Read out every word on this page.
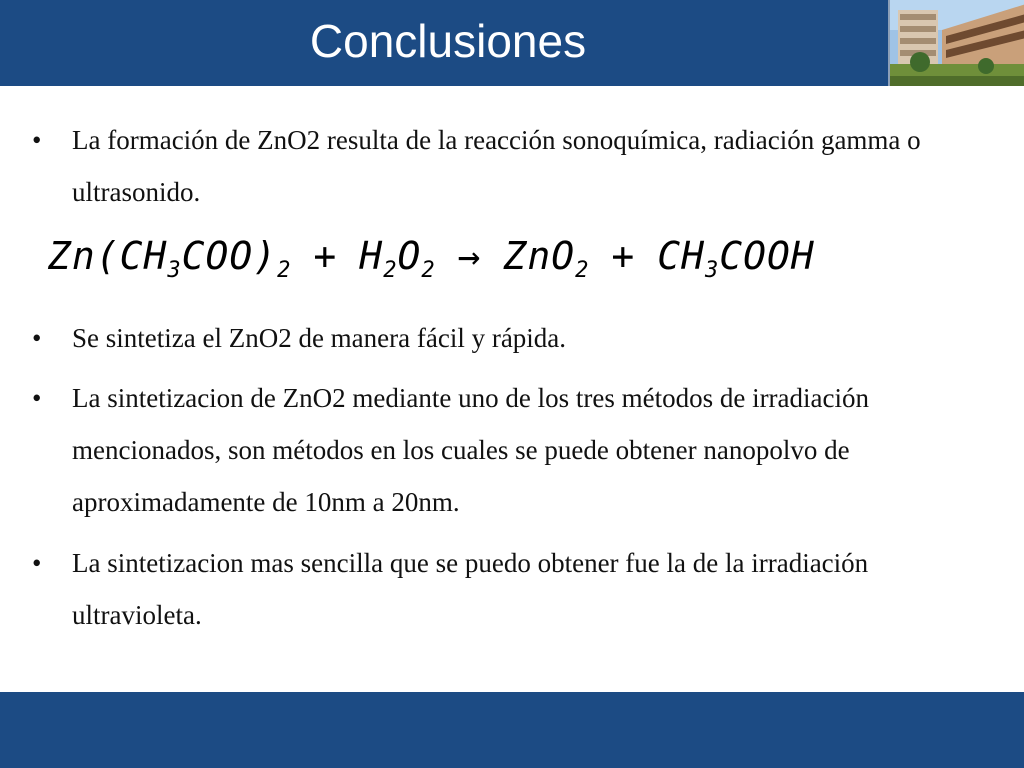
Conclusiones
•	La formación de ZnO2 resulta de la reacción sonoquímica, radiación gamma o ultrasonido.
$Zn(CH_3COO)_2 + H_2O_2 \to ZnO_2$ + $CH_3COOH$
•	Se sintetiza el ZnO2 de manera fácil y rápida.
•	La sintetizacion de ZnO2 mediante uno de los tres métodos de irradiación mencionados, son métodos en los cuales se puede obtener nanopolvo de aproximadamente de 10nm a 20nm.
•	La sintetizacion mas sencilla que se puedo obtener fue la de la irradiación ultravioleta.
